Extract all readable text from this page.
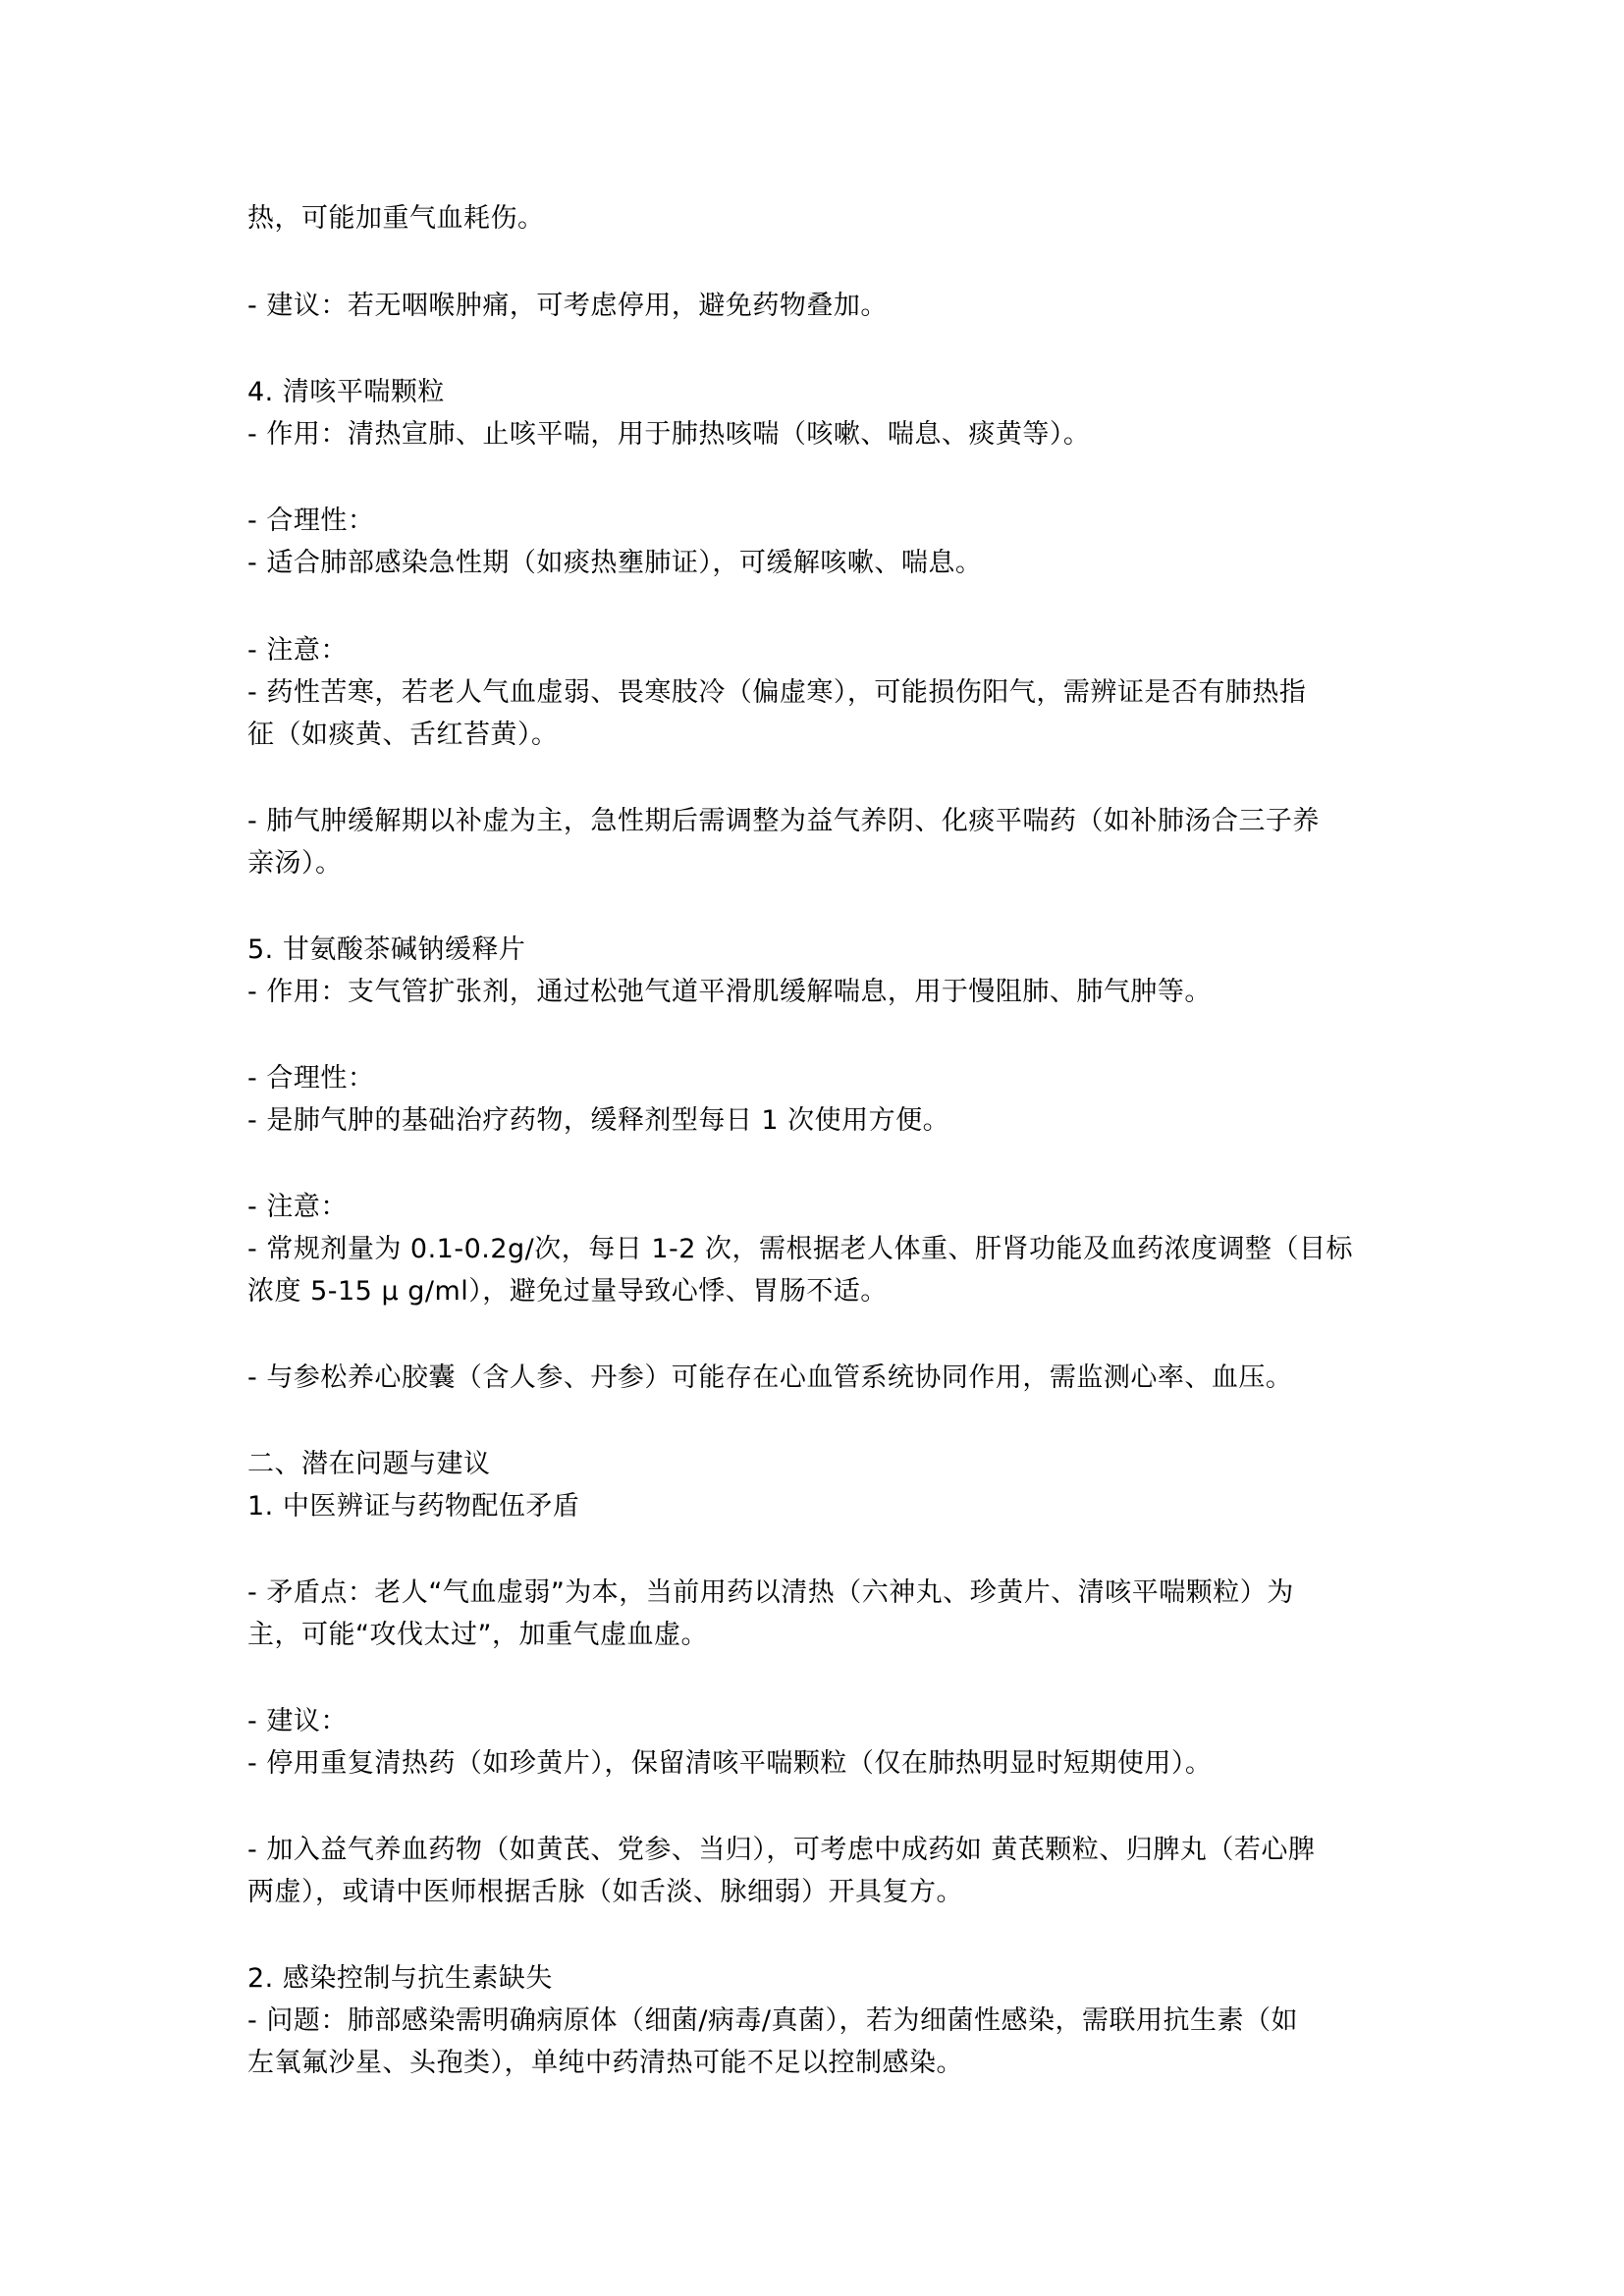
热，可能加重气血耗伤。
- 建议：若无咽喉肿痛，可考虑停用，避免药物叠加。
4. 清咳平喘颗粒
- 作用：清热宣肺、止咳平喘，用于肺热咳喘（咳嗽、喘息、痰黄等）。
- 合理性：
- 适合肺部感染急性期（如痰热壅肺证），可缓解咳嗽、喘息。
- 注意：
- 药性苦寒，若老人气血虚弱、畏寒肢冷（偏虚寒），可能损伤阳气，需辨证是否有肺热指
征（如痰黄、舌红苔黄）。
- 肺气肿缓解期以补虚为主，急性期后需调整为益气养阴、化痰平喘药（如补肺汤合三子养
亲汤）。
5. 甘氨酸茶碱钠缓释片
- 作用：支气管扩张剂，通过松弛气道平滑肌缓解喘息，用于慢阻肺、肺气肿等。
- 合理性：
- 是肺气肿的基础治疗药物，缓释剂型每日 1 次使用方便。
- 注意：
- 常规剂量为 0.1-0.2g/次，每日 1-2 次，需根据老人体重、肝肾功能及血药浓度调整（目标
浓度 5-15 μ g/ml），避免过量导致心悸、胃肠不适。
- 与参松养心胶囊（含人参、丹参）可能存在心血管系统协同作用，需监测心率、血压。
二、潜在问题与建议
1. 中医辨证与药物配伍矛盾
- 矛盾点：老人“气血虚弱”为本，当前用药以清热（六神丸、珍黄片、清咳平喘颗粒）为
主，可能“攻伐太过”，加重气虚血虚。
- 建议：
- 停用重复清热药（如珍黄片），保留清咳平喘颗粒（仅在肺热明显时短期使用）。
- 加入益气养血药物（如黄芪、党参、当归），可考虑中成药如 黄芪颗粒、归脾丸（若心脾
两虚），或请中医师根据舌脉（如舌淡、脉细弱）开具复方。
2. 感染控制与抗生素缺失
- 问题：肺部感染需明确病原体（细菌/病毒/真菌），若为细菌性感染，需联用抗生素（如
左氧氟沙星、头孢类），单纯中药清热可能不足以控制感染。
